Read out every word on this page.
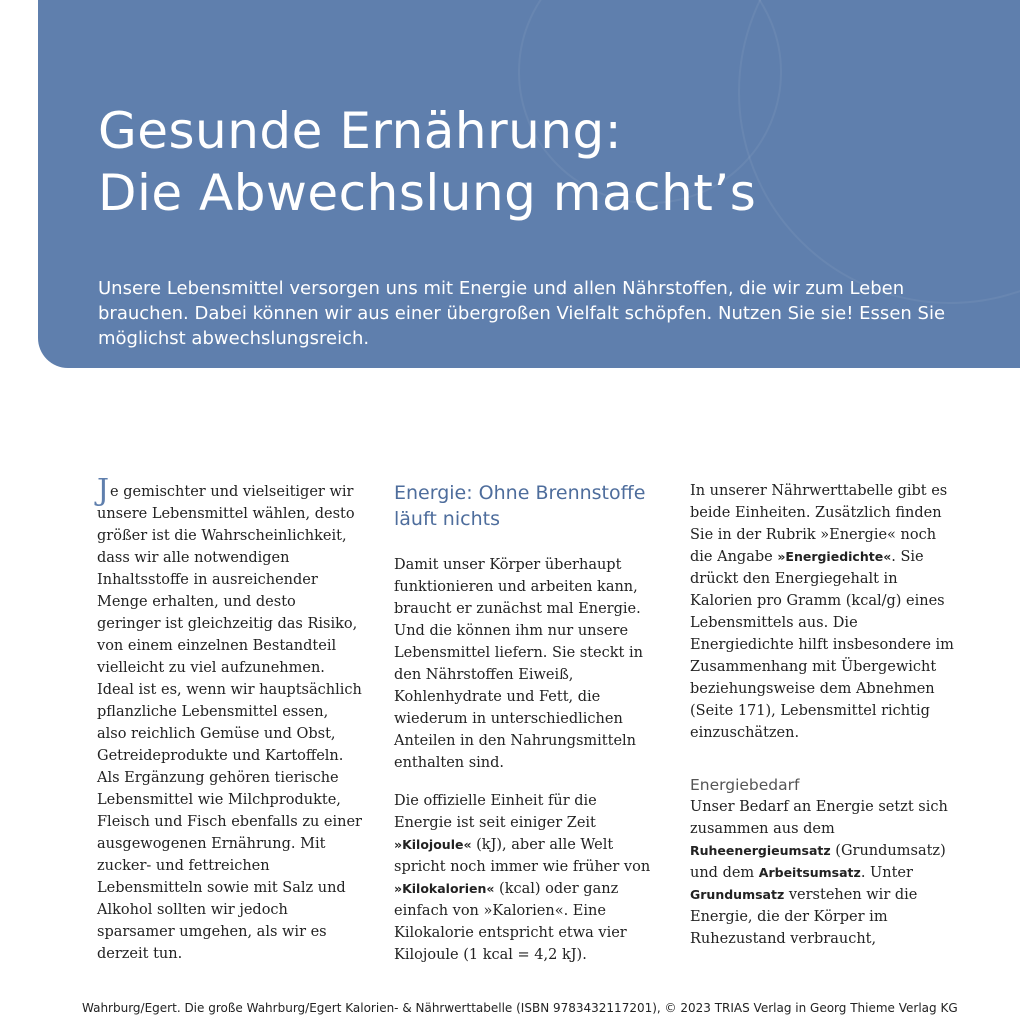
Gesunde Ernährung:
Die Abwechslung macht’s

Unsere Lebensmittel versorgen uns mit Energie und allen Nährstoffen, die wir zum Leben brauchen. Dabei können wir aus einer übergroßen Vielfalt schöpfen. Nutzen Sie sie! Essen Sie möglichst abwechslungsreich.

Je gemischter und vielseitiger wir unsere Lebensmittel wählen, desto größer ist die Wahrscheinlichkeit, dass wir alle notwendigen Inhaltsstoffe in ausreichender Menge erhalten, und desto geringer ist gleichzeitig das Risiko, von einem einzelnen Bestandteil vielleicht zu viel aufzunehmen. Ideal ist es, wenn wir hauptsächlich pflanzliche Lebensmittel essen, also reichlich Gemüse und Obst, Getreideprodukte und Kartoffeln. Als Ergänzung gehören tierische Lebensmittel wie Milchprodukte, Fleisch und Fisch ebenfalls zu einer ausgewogenen Ernährung. Mit zucker- und fettreichen Lebensmitteln sowie mit Salz und Alkohol sollten wir jedoch sparsamer umgehen, als wir es derzeit tun.

Energie: Ohne Brennstoffe läuft nichts

Damit unser Körper überhaupt funktionieren und arbeiten kann, braucht er zunächst mal Energie. Und die können ihm nur unsere Lebensmittel liefern. Sie steckt in den Nährstoffen Eiweiß, Kohlenhydrate und Fett, die wiederum in unterschiedlichen Anteilen in den Nahrungsmitteln enthalten sind.

Die offizielle Einheit für die Energie ist seit einiger Zeit »Kilojoule« (kJ), aber alle Welt spricht noch immer wie früher von »Kilokalorien« (kcal) oder ganz einfach von »Kalorien«. Eine Kilokalorie entspricht etwa vier Kilojoule (1 kcal = 4,2 kJ).

In unserer Nährwerttabelle gibt es beide Einheiten. Zusätzlich finden Sie in der Rubrik »Energie« noch die Angabe »Energiedichte«. Sie drückt den Energiegehalt in Kalorien pro Gramm (kcal/g) eines Lebensmittels aus. Die Energiedichte hilft insbesondere im Zusammenhang mit Übergewicht beziehungsweise dem Abnehmen (Seite 171), Lebensmittel richtig einzuschätzen.

Energiebedarf

Unser Bedarf an Energie setzt sich zusammen aus dem Ruheenergieumsatz (Grundumsatz) und dem Arbeitsumsatz. Unter Grundumsatz verstehen wir die Energie, die der Körper im Ruhezustand verbraucht,

Wahrburg/Egert. Die große Wahrburg/Egert Kalorien- & Nährwerttabelle (ISBN 9783432117201), © 2023 TRIAS Verlag in Georg Thieme Verlag KG
